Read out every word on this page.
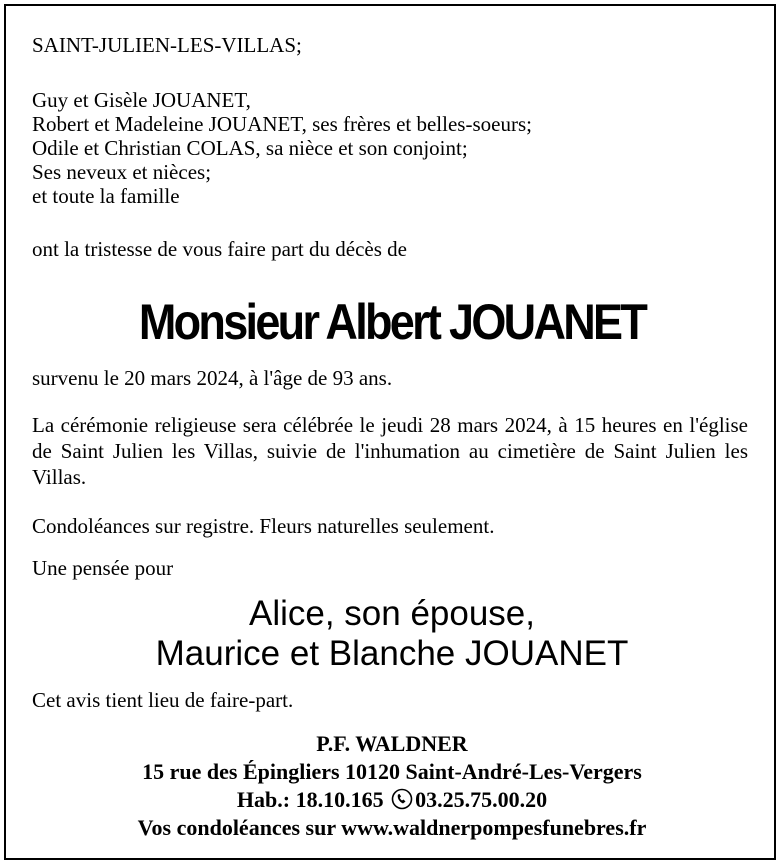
SAINT-JULIEN-LES-VILLAS;
Guy et Gisèle JOUANET,
Robert et Madeleine JOUANET, ses frères et belles-soeurs;
Odile et Christian COLAS, sa nièce et son conjoint;
Ses neveux et nièces;
et toute la famille
ont la tristesse de vous faire part du décès de
Monsieur Albert JOUANET
survenu le 20 mars 2024, à l'âge de 93 ans.
La cérémonie religieuse sera célébrée le jeudi 28 mars 2024, à 15 heures en l'église de Saint Julien les Villas, suivie de l'inhumation au cimetière de Saint Julien les Villas.
Condoléances sur registre. Fleurs naturelles seulement.
Une pensée pour
Alice, son épouse,
Maurice et Blanche JOUANET
Cet avis tient lieu de faire-part.
P.F. WALDNER
15 rue des Épingliers 10120 Saint-André-Les-Vergers
Hab.: 18.10.165 03.25.75.00.20
Vos condoléances sur www.waldnerpompesfunebres.fr
